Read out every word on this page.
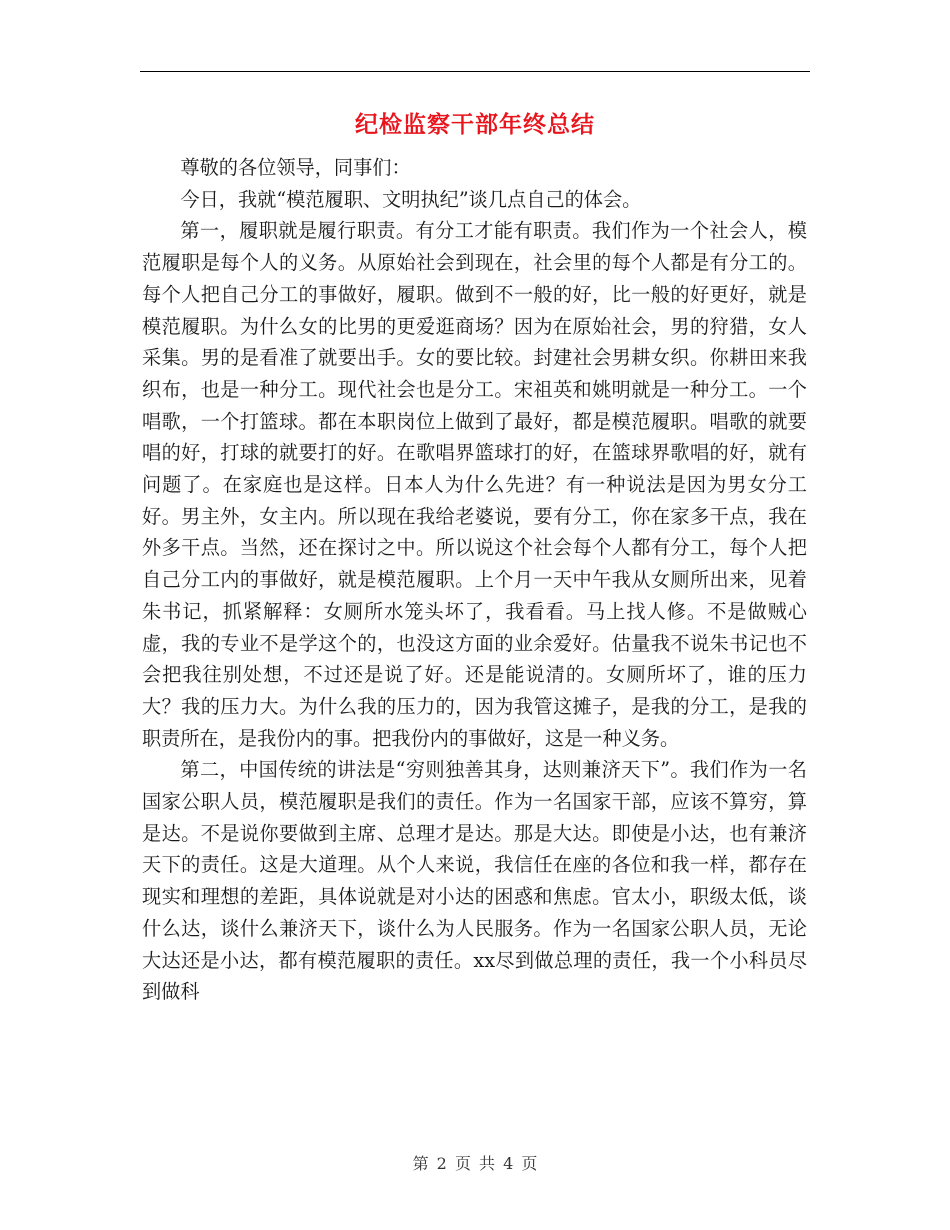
纪检监察干部年终总结

尊敬的各位领导，同事们：

今日，我就“模范履职、文明执纪”谈几点自己的体会。

第一，履职就是履行职责。有分工才能有职责。我们作为一个社会人，模范履职是每个人的义务。从原始社会到现在，社会里的每个人都是有分工的。每个人把自己分工的事做好，履职。做到不一般的好，比一般的好更好，就是模范履职。为什么女的比男的更爱逛商场？因为在原始社会，男的狩猎，女人采集。男的是看准了就要出手。女的要比较。封建社会男耕女织。你耕田来我织布，也是一种分工。现代社会也是分工。宋祖英和姚明就是一种分工。一个唱歌，一个打篮球。都在本职岗位上做到了最好，都是模范履职。唱歌的就要唱的好，打球的就要打的好。在歌唱界篮球打的好，在篮球界歌唱的好，就有问题了。在家庭也是这样。日本人为什么先进？有一种说法是因为男女分工好。男主外，女主内。所以现在我给老婆说，要有分工，你在家多干点，我在外多干点。当然，还在探讨之中。所以说这个社会每个人都有分工，每个人把自己分工内的事做好，就是模范履职。上个月一天中午我从女厕所出来，见着朱书记，抓紧解释：女厕所水笼头坏了，我看看。马上找人修。不是做贼心虚，我的专业不是学这个的，也没这方面的业余爱好。估量我不说朱书记也不会把我往别处想，不过还是说了好。还是能说清的。女厕所坏了，谁的压力大？我的压力大。为什么我的压力的，因为我管这摊子，是我的分工，是我的职责所在，是我份内的事。把我份内的事做好，这是一种义务。

第二，中国传统的讲法是“穷则独善其身，达则兼济天下”。我们作为一名国家公职人员，模范履职是我们的责任。作为一名国家干部，应该不算穷，算是达。不是说你要做到主席、总理才是达。那是大达。即使是小达，也有兼济天下的责任。这是大道理。从个人来说，我信任在座的各位和我一样，都存在现实和理想的差距，具体说就是对小达的困惑和焦虑。官太小，职级太低，谈什么达，谈什么兼济天下，谈什么为人民服务。作为一名国家公职人员，无论大达还是小达，都有模范履职的责任。xx尽到做总理的责任，我一个小科员尽到做科

第 2 页 共 4 页
